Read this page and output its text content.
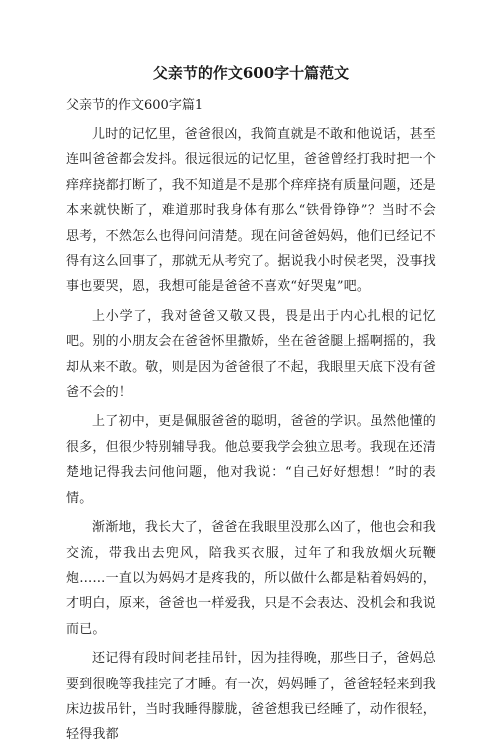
父亲节的作文600字十篇范文
父亲节的作文600字篇1

儿时的记忆里，爸爸很凶，我简直就是不敢和他说话，甚至连叫爸爸都会发抖。很远很远的记忆里，爸爸曾经打我时把一个痒痒挠都打断了，我不知道是不是那个痒痒挠有质量问题，还是本来就快断了，难道那时我身体有那么“铁骨铮铮”？当时不会思考，不然怎么也得问问清楚。现在问爸爸妈妈，他们已经记不得有这么回事了，那就无从考究了。据说我小时侯老哭，没事找事也要哭，恩，我想可能是爸爸不喜欢“好哭鬼”吧。

上小学了，我对爸爸又敬又畏，畏是出于内心扎根的记忆吧。别的小朋友会在爸爸怀里撒娇，坐在爸爸腿上摇啊摇的，我却从来不敢。敬，则是因为爸爸很了不起，我眼里天底下没有爸爸不会的！

上了初中，更是佩服爸爸的聪明，爸爸的学识。虽然他懂的很多，但很少特别辅导我。他总要我学会独立思考。我现在还清楚地记得我去问他问题，他对我说：“自己好好想想！”时的表情。

渐渐地，我长大了，爸爸在我眼里没那么凶了，他也会和我交流，带我出去兜风，陪我买衣服，过年了和我放烟火玩鞭炮……一直以为妈妈才是疼我的，所以做什么都是粘着妈妈的，才明白，原来，爸爸也一样爱我，只是不会表达、没机会和我说而已。

还记得有段时间老挂吊针，因为挂得晚，那些日子，爸妈总要到很晚等我挂完了才睡。有一次，妈妈睡了，爸爸轻轻来到我床边拔吊针，当时我睡得朦胧，爸爸想我已经睡了，动作很轻，轻得我都
